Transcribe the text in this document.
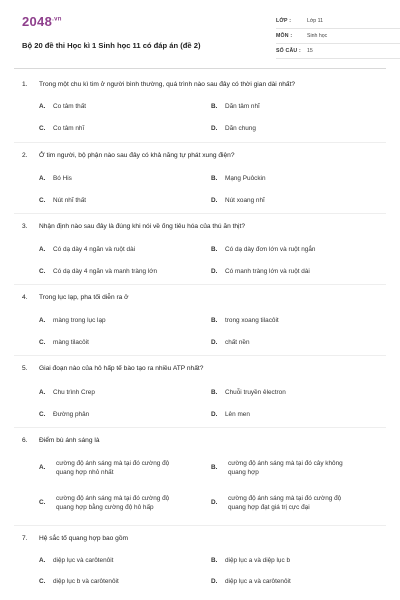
$2048^{.vn}$
Bộ 20 đề thi Học kì 1 Sinh học 11 có đáp án (đề 2)
LỚP :	Lớp 11
MÔN :	Sinh học
SỐ CÂU : 15
1. Trong một chu kì tim ở người bình thường, quá trình nào sau đây có thời gian dài nhất?
A. Co tâm thất	B. Dãn tâm nhĩ
C. Co tâm nhĩ	D. Dãn chung
2. Ở tim người, bộ phận nào sau đây có khả năng tự phát xung điện?
A. Bó His	B. Mạng Puôckin
C. Nút nhĩ thất	D. Nút xoang nhĩ
3. Nhận định nào sau đây là đúng khi nói về ống tiêu hóa của thú ăn thịt?
A. Có dạ dày 4 ngăn và ruột dài	B. Có dạ dày đơn lớn và ruột ngắn
C. Có dạ dày 4 ngăn và manh tràng lớn	D. Có manh tràng lớn và ruột dài
4. Trong lục lạp, pha tối diễn ra ở
A. màng trong lục lạp	B. trong xoang tilacôit
C. màng tilacôit	D. chất nền
5. Giai đoạn nào của hô hấp tế bào tạo ra nhiều ATP nhất?
A. Chu trình Crep	B. Chuỗi truyền êlectron
C. Đường phân	D. Lên men
6. Điểm bù ánh sáng là
A.
cường độ ánh sáng mà tại đó cường độ
quang hợp nhỏ nhất
B.
cường độ ánh sáng mà tại đó cây không
quang hợp
C.
cường độ ánh sáng mà tại đó cường độ
quang hợp bằng cường độ hô hấp
D.
cường độ ánh sáng mà tại đó cường độ
quang hợp đạt giá trị cực đại
7. Hệ sắc tố quang hợp bao gồm
A. diệp lục và carôtenôit	B. diệp lục a và diệp lục b
C. diệp lục b và carôtenôit	D. diệp lục a và carôtenôit
